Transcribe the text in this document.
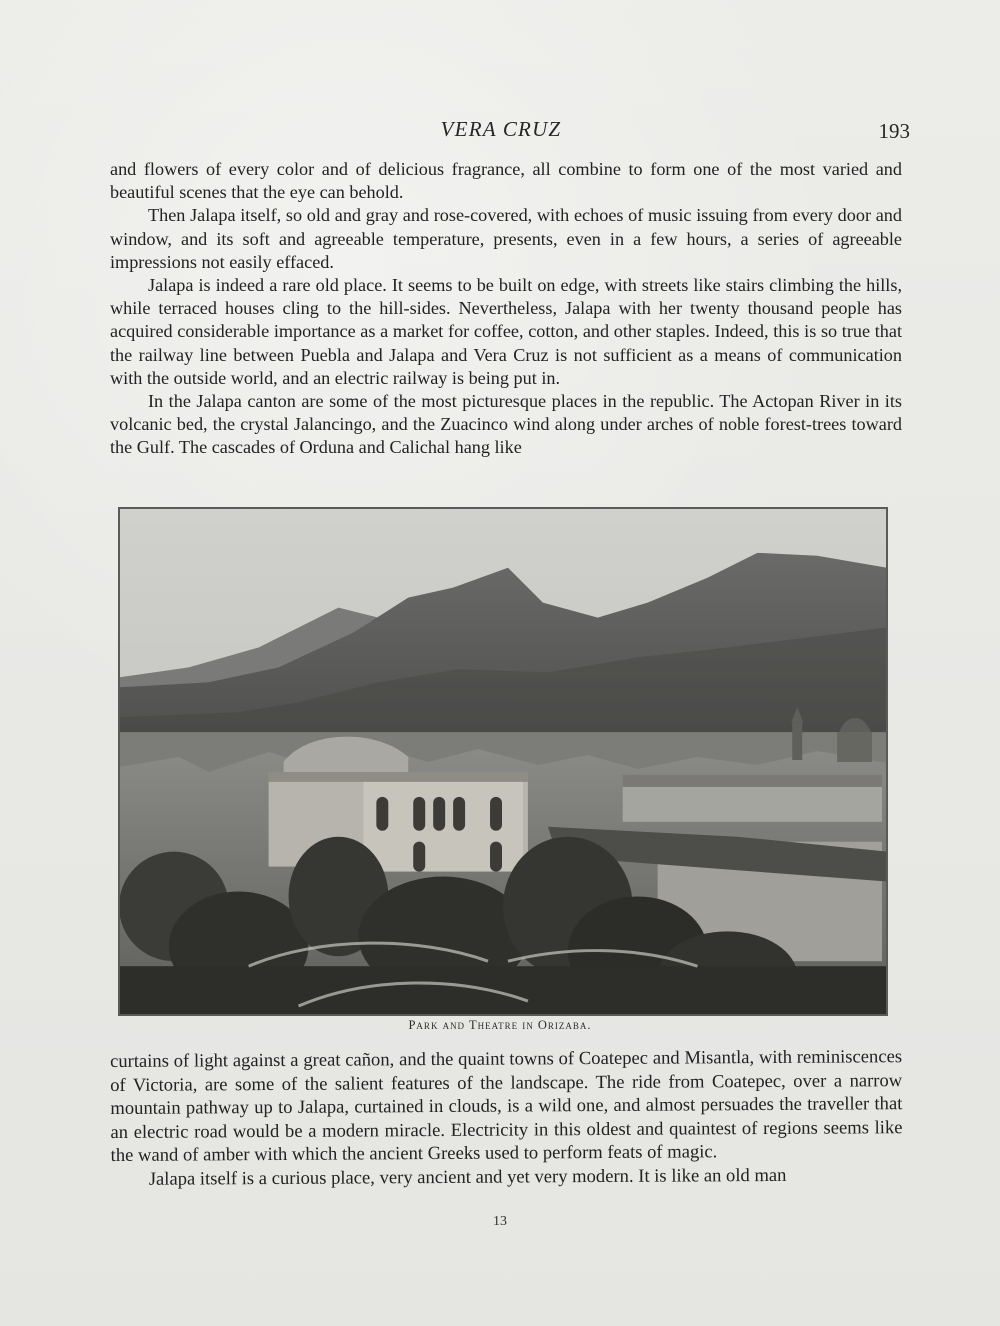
VERA CRUZ	193

and flowers of every color and of delicious fragrance, all combine to form one of the most varied and beautiful scenes that the eye can behold.

Then Jalapa itself, so old and gray and rose-covered, with echoes of music issuing from every door and window, and its soft and agreeable temperature, presents, even in a few hours, a series of agreeable impressions not easily effaced.

Jalapa is indeed a rare old place. It seems to be built on edge, with streets like stairs climbing the hills, while terraced houses cling to the hill-sides. Nevertheless, Jalapa with her twenty thousand people has acquired considerable importance as a market for coffee, cotton, and other staples. Indeed, this is so true that the railway line between Puebla and Jalapa and Vera Cruz is not sufficient as a means of communication with the outside world, and an electric railway is being put in.

In the Jalapa canton are some of the most picturesque places in the republic. The Actopan River in its volcanic bed, the crystal Jalancingo, and the Zuacinco wind along under arches of noble forest-trees toward the Gulf. The cascades of Orduna and Calichal hang like

Park and Theatre in Orizaba.

curtains of light against a great cañon, and the quaint towns of Coatepec and Misantla, with reminiscences of Victoria, are some of the salient features of the landscape. The ride from Coatepec, over a narrow mountain pathway up to Jalapa, curtained in clouds, is a wild one, and almost persuades the traveller that an electric road would be a modern miracle. Electricity in this oldest and quaintest of regions seems like the wand of amber with which the ancient Greeks used to perform feats of magic.

Jalapa itself is a curious place, very ancient and yet very modern. It is like an old man

13
